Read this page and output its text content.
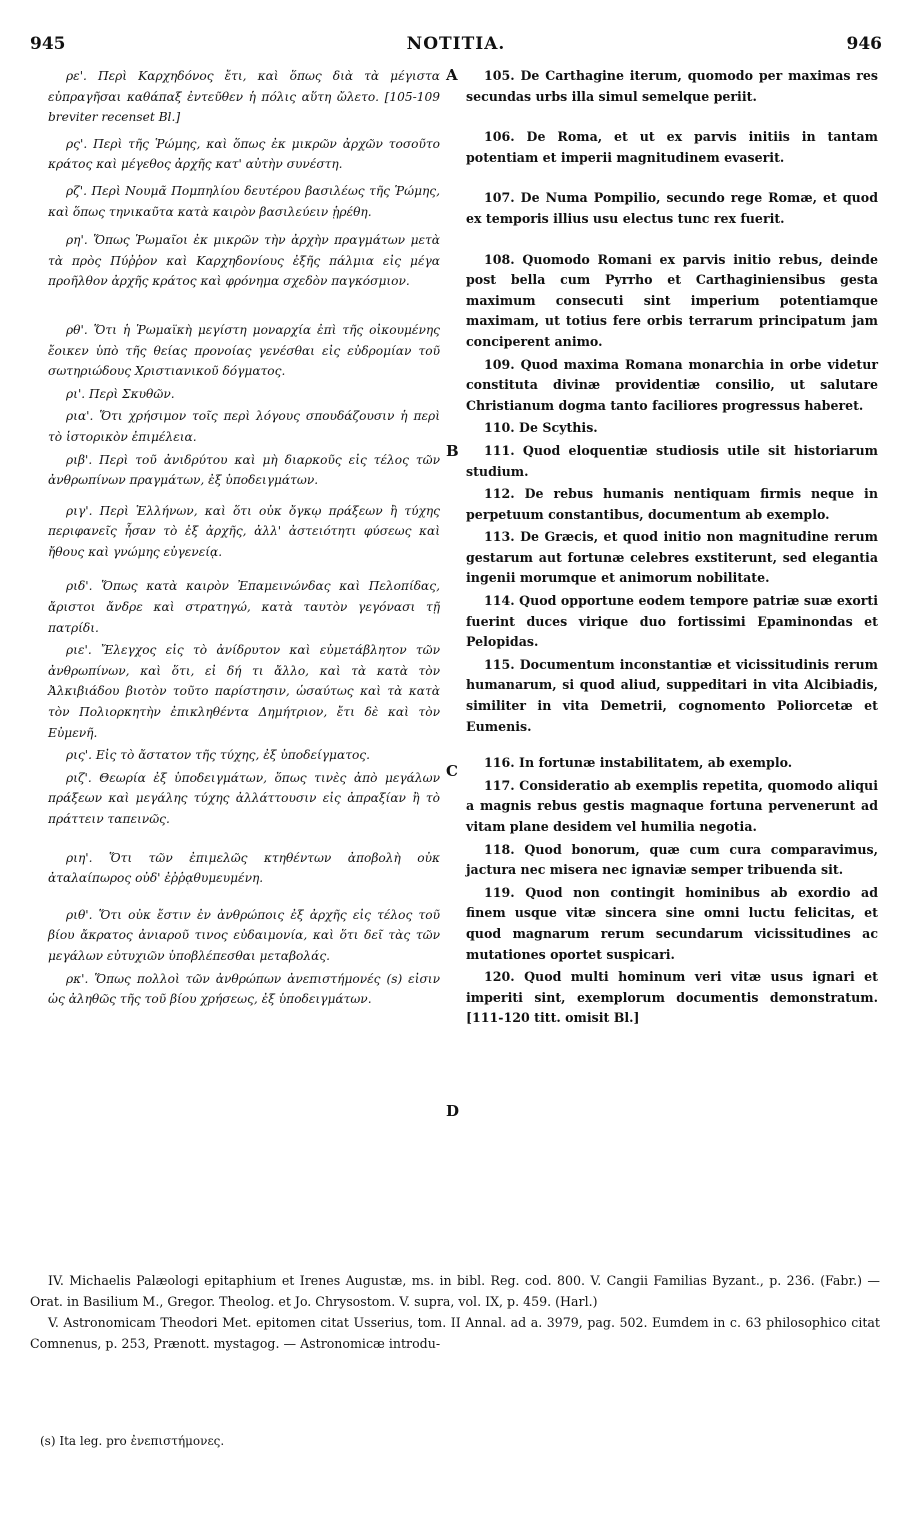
945	NOTITIA.	946

ρε'. Περὶ Καρχηδόνος ἔτι, καὶ ὅπως διὰ τὰ μέγιστα εὐπραγῆσαι καθάπαξ ἐντεῦθεν ἡ πόλις αὕτη ὤλετο. [105-109 breviter recenset Bl.]

ρς'. Περὶ τῆς Ῥώμης, καὶ ὅπως ἐκ μικρῶν ἀρχῶν τοσοῦτο κράτος καὶ μέγεθος ἀρχῆς κατ' αὐτὴν συνέστη.

ρζ'. Περὶ Νουμᾶ Πομπηλίου δευτέρου βασιλέως τῆς Ῥώμης, καὶ ὅπως τηνικαῦτα κατὰ καιρὸν βασιλεύειν ᾑρέθη.

ρη'. Ὅπως Ῥωμαῖοι ἐκ μικρῶν τὴν ἀρχὴν πραγμάτων μετὰ τὰ πρὸς Πύῤῥον καὶ Καρχηδονίους ἐξῆς πάλμια εἰς μέγα προῆλθον ἀρχῆς κράτος καὶ φρόνημα σχεδὸν παγκόσμιον.

ρθ'. Ὅτι ἡ Ῥωμαϊκὴ μεγίστη μοναρχία ἐπὶ τῆς οἰκουμένης ἔοικεν ὑπὸ τῆς θείας προνοίας γενέσθαι εἰς εὐδρομίαν τοῦ σωτηριώδους Χριστιανικοῦ δόγματος.

ρι'. Περὶ Σκυθῶν.

ρια'. Ὅτι χρήσιμον τοῖς περὶ λόγους σπουδάζουσιν ἡ περὶ τὸ ἱστορικὸν ἐπιμέλεια.

ριβ'. Περὶ τοῦ ἀνιδρύτου καὶ μὴ διαρκοῦς εἰς τέλος τῶν ἀνθρωπίνων πραγμάτων, ἐξ ὑποδειγμάτων.

ριγ'. Περὶ Ἑλλήνων, καὶ ὅτι οὐκ ὄγκῳ πράξεων ἢ τύχης περιφανεῖς ἦσαν τὸ ἐξ ἀρχῆς, ἀλλ' ἀστειότητι φύσεως καὶ ἤθους καὶ γνώμης εὐγενείᾳ.

ριδ'. Ὅπως κατὰ καιρὸν Ἐπαμεινώνδας καὶ Πελοπίδας, ἄριστοι ἄνδρε καὶ στρατηγώ, κατὰ ταυτὸν γεγόνασι τῇ πατρίδι.

ριε'. Ἔλεγχος εἰς τὸ ἀνίδρυτον καὶ εὐμετάβλητον τῶν ἀνθρωπίνων, καὶ ὅτι, εἰ δή τι ἄλλο, καὶ τὰ κατὰ τὸν Ἀλκιβιάδου βιοτὸν τοῦτο παρίστησιν, ὡσαύτως καὶ τὰ κατὰ τὸν Πολιορκητὴν ἐπικληθέντα Δημήτριον, ἔτι δὲ καὶ τὸν Εὐμενῆ.

ρις'. Εἰς τὸ ἄστατον τῆς τύχης, ἐξ ὑποδείγματος.

ριζ'. Θεωρία ἐξ ὑποδειγμάτων, ὅπως τινὲς ἀπὸ μεγάλων πράξεων καὶ μεγάλης τύχης ἀλλάττουσιν εἰς ἀπραξίαν ἢ τὸ πράττειν ταπεινῶς.

ριη'. Ὅτι τῶν ἐπιμελῶς κτηθέντων ἀποβολὴ οὐκ ἀταλαίπωρος οὐδ' ἐῤῥᾳθυμευμένη.

ριθ'. Ὅτι οὐκ ἔστιν ἐν ἀνθρώποις ἐξ ἀρχῆς εἰς τέλος τοῦ βίου ἄκρατος ἀνιαροῦ τινος εὐδαιμονία, καὶ ὅτι δεῖ τὰς τῶν μεγάλων εὐτυχιῶν ὑποβλέπεσθαι μεταβολάς.

ρκ'. Ὅπως πολλοὶ τῶν ἀνθρώπων ἀνεπιστήμονές (s) εἰσιν ὡς ἀληθῶς τῆς τοῦ βίου χρήσεως, ἐξ ὑποδειγμάτων.

A
B
C
D

105. De Carthagine iterum, quomodo per maximas res secundas urbs illa simul semelque periit.

106. De Roma, et ut ex parvis initiis in tantam potentiam et imperii magnitudinem evaserit.

107. De Numa Pompilio, secundo rege Romæ, et quod ex temporis illius usu electus tunc rex fuerit.

108. Quomodo Romani ex parvis initio rebus, deinde post bella cum Pyrrho et Carthaginiensibus gesta maximum consecuti sint imperium potentiamque maximam, ut totius fere orbis terrarum principatum jam conciperent animo.

109. Quod maxima Romana monarchia in orbe videtur constituta divinæ providentiæ consilio, ut salutare Christianum dogma tanto faciliores progressus haberet.

110. De Scythis.

111. Quod eloquentiæ studiosis utile sit historiarum studium.

112. De rebus humanis nentiquam firmis neque in perpetuum constantibus, documentum ab exemplo.

113. De Græcis, et quod initio non magnitudine rerum gestarum aut fortunæ celebres exstiterunt, sed elegantia ingenii morumque et animorum nobilitate.

114. Quod opportune eodem tempore patriæ suæ exorti fuerint duces virique duo fortissimi Epaminondas et Pelopidas.

115. Documentum inconstantiæ et vicissitudinis rerum humanarum, si quod aliud, suppeditari in vita Alcibiadis, similiter in vita Demetrii, cognomento Poliorcetæ et Eumenis.

116. In fortunæ instabilitatem, ab exemplo.

117. Consideratio ab exemplis repetita, quomodo aliqui a magnis rebus gestis magnaque fortuna pervenerunt ad vitam plane desidem vel humilia negotia.

118. Quod bonorum, quæ cum cura comparavimus, jactura nec misera nec ignaviæ semper tribuenda sit.

119. Quod non contingit hominibus ab exordio ad finem usque vitæ sincera sine omni luctu felicitas, et quod magnarum rerum secundarum vicissitudines ac mutationes oportet suspicari.

120. Quod multi hominum veri vitæ usus ignari et imperiti sint, exemplorum documentis demonstratum. [111-120 titt. omisit Bl.]

IV. Michaelis Palæologi epitaphium et Irenes Augustæ, ms. in bibl. Reg. cod. 800. V. Cangii Familias Byzant., p. 236. (Fabr.) — Orat. in Basilium M., Gregor. Theolog. et Jo. Chrysostom. V. supra, vol. IX, p. 459. (Harl.)

V. Astronomicam Theodori Met. epitomen citat Usserius, tom. II Annal. ad a. 3979, pag. 502. Eumdem in c. 63 philosophico citat Comnenus, p. 253, Prænott. mystagog. — Astronomicæ introdu-

(s) Ita leg. pro ἐνεπιστήμονες.
